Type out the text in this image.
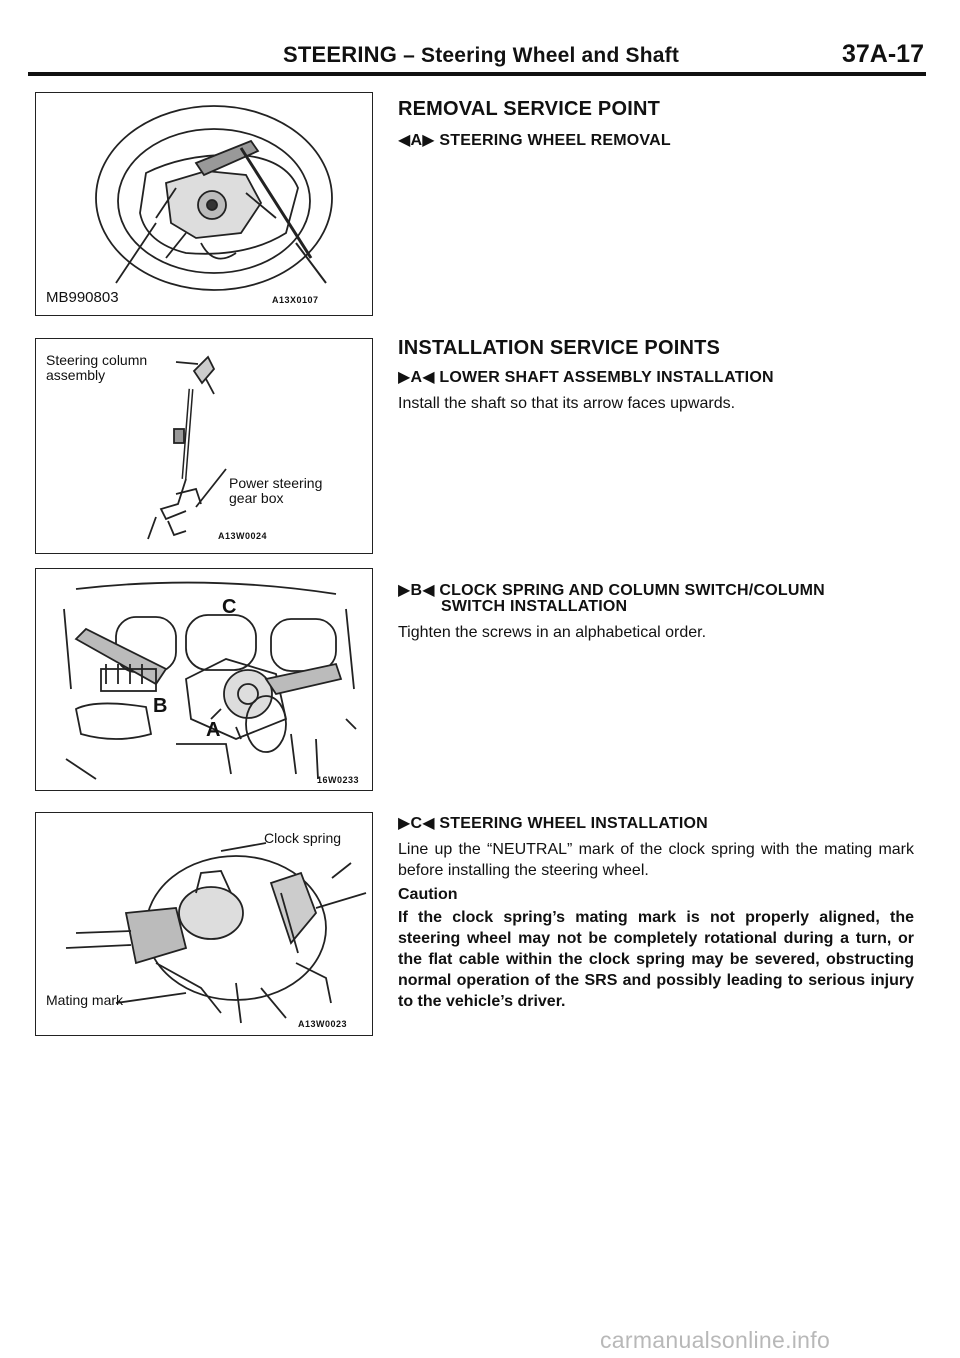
STEERING – Steering Wheel and Shaft	37A-17
MB990803	A13X0107
Steering column
assembly
Power steering
gear box
A13W0024
C
B
A
16W0233
Clock spring
Mating mark
A13W0023
REMOVAL SERVICE POINT
◀A▶ STEERING WHEEL REMOVAL
INSTALLATION SERVICE POINTS
▶A◀ LOWER SHAFT ASSEMBLY INSTALLATION
Install the shaft so that its arrow faces upwards.
▶B◀ CLOCK SPRING AND COLUMN SWITCH/COLUMN
SWITCH INSTALLATION
Tighten the screws in an alphabetical order.
▶C◀ STEERING WHEEL INSTALLATION
Line up the “NEUTRAL” mark of the clock spring with the mating mark before installing the steering wheel.
Caution
If the clock spring’s mating mark is not properly aligned, the steering wheel may not be completely rotational during a turn, or the flat cable within the clock spring may be severed, obstructing normal operation of the SRS and possibly leading to serious injury to the vehicle’s driver.
carmanualsonline.info
